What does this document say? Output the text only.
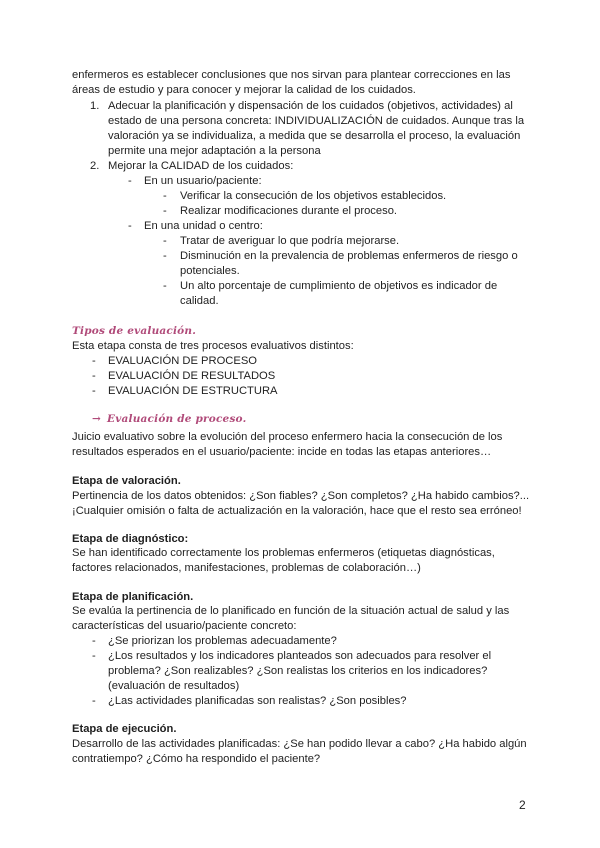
enfermeros es establecer conclusiones que nos sirvan para plantear correcciones en las áreas de estudio y para conocer y mejorar la calidad de los cuidados.

1. Adecuar la planificación y dispensación de los cuidados (objetivos, actividades) al estado de una persona concreta: INDIVIDUALIZACIÓN de cuidados. Aunque tras la valoración ya se individualiza, a medida que se desarrolla el proceso, la evaluación permite una mejor adaptación a la persona
2. Mejorar la CALIDAD de los cuidados:
- En un usuario/paciente:
- Verificar la consecución de los objetivos establecidos.
- Realizar modificaciones durante el proceso.
- En una unidad o centro:
- Tratar de averiguar lo que podría mejorarse.
- Disminución en la prevalencia de problemas enfermeros de riesgo o potenciales.
- Un alto porcentaje de cumplimiento de objetivos es indicador de calidad.
Tipos de evaluación.

Esta etapa consta de tres procesos evaluativos distintos:

- EVALUACIÓN DE PROCESO
- EVALUACIÓN DE RESULTADOS
- EVALUACIÓN DE ESTRUCTURA
→ Evaluación de proceso.

Juicio evaluativo sobre la evolución del proceso enfermero hacia la consecución de los resultados esperados en el usuario/paciente: incide en todas las etapas anteriores…

Etapa de valoración.

Pertinencia de los datos obtenidos: ¿Son fiables? ¿Son completos? ¿Ha habido cambios?... ¡Cualquier omisión o falta de actualización en la valoración, hace que el resto sea erróneo!

Etapa de diagnóstico:

Se han identificado correctamente los problemas enfermeros (etiquetas diagnósticas, factores relacionados, manifestaciones, problemas de colaboración…)

Etapa de planificación.

Se evalúa la pertinencia de lo planificado en función de la situación actual de salud y las características del usuario/paciente concreto:

- ¿Se priorizan los problemas adecuadamente?
- ¿Los resultados y los indicadores planteados son adecuados para resolver el problema? ¿Son realizables? ¿Son realistas los criterios en los indicadores? (evaluación de resultados)
- ¿Las actividades planificadas son realistas? ¿Son posibles?

Etapa de ejecución.

Desarrollo de las actividades planificadas: ¿Se han podido llevar a cabo? ¿Ha habido algún contratiempo? ¿Cómo ha respondido el paciente?

2
